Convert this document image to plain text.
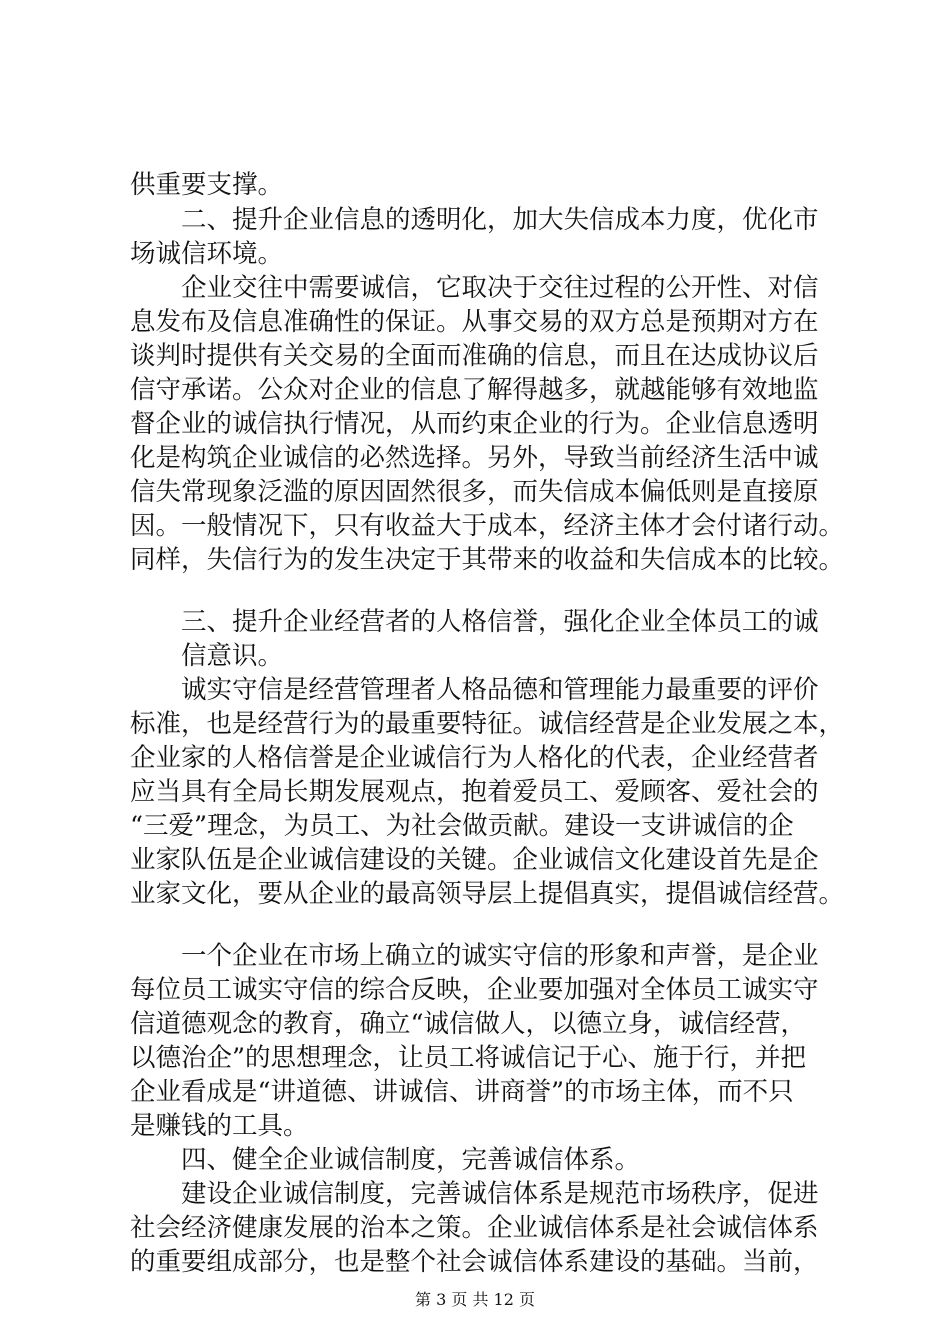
供重要支撑。
二、提升企业信息的透明化，加大失信成本力度，优化市
场诚信环境。
企业交往中需要诚信，它取决于交往过程的公开性、对信
息发布及信息准确性的保证。从事交易的双方总是预期对方在
谈判时提供有关交易的全面而准确的信息，而且在达成协议后
信守承诺。公众对企业的信息了解得越多，就越能够有效地监
督企业的诚信执行情况，从而约束企业的行为。企业信息透明
化是构筑企业诚信的必然选择。另外，导致当前经济生活中诚
信失常现象泛滥的原因固然很多，而失信成本偏低则是直接原
因。一般情况下，只有收益大于成本，经济主体才会付诸行动。
同样，失信行为的发生决定于其带来的收益和失信成本的比较。
三、提升企业经营者的人格信誉，强化企业全体员工的诚
信意识。
诚实守信是经营管理者人格品德和管理能力最重要的评价
标准，也是经营行为的最重要特征。诚信经营是企业发展之本，
企业家的人格信誉是企业诚信行为人格化的代表，企业经营者
应当具有全局长期发展观点，抱着爱员工、爱顾客、爱社会的
“三爱”理念，为员工、为社会做贡献。建设一支讲诚信的企
业家队伍是企业诚信建设的关键。企业诚信文化建设首先是企
业家文化，要从企业的最高领导层上提倡真实，提倡诚信经营。
一个企业在市场上确立的诚实守信的形象和声誉，是企业
每位员工诚实守信的综合反映，企业要加强对全体员工诚实守
信道德观念的教育，确立“诚信做人，以德立身，诚信经营，
以德治企”的思想理念，让员工将诚信记于心、施于行，并把
企业看成是“讲道德、讲诚信、讲商誉”的市场主体，而不只
是赚钱的工具。
四、健全企业诚信制度，完善诚信体系。
建设企业诚信制度，完善诚信体系是规范市场秩序，促进
社会经济健康发展的治本之策。企业诚信体系是社会诚信体系
的重要组成部分，也是整个社会诚信体系建设的基础。当前，
第 3 页 共 12 页
